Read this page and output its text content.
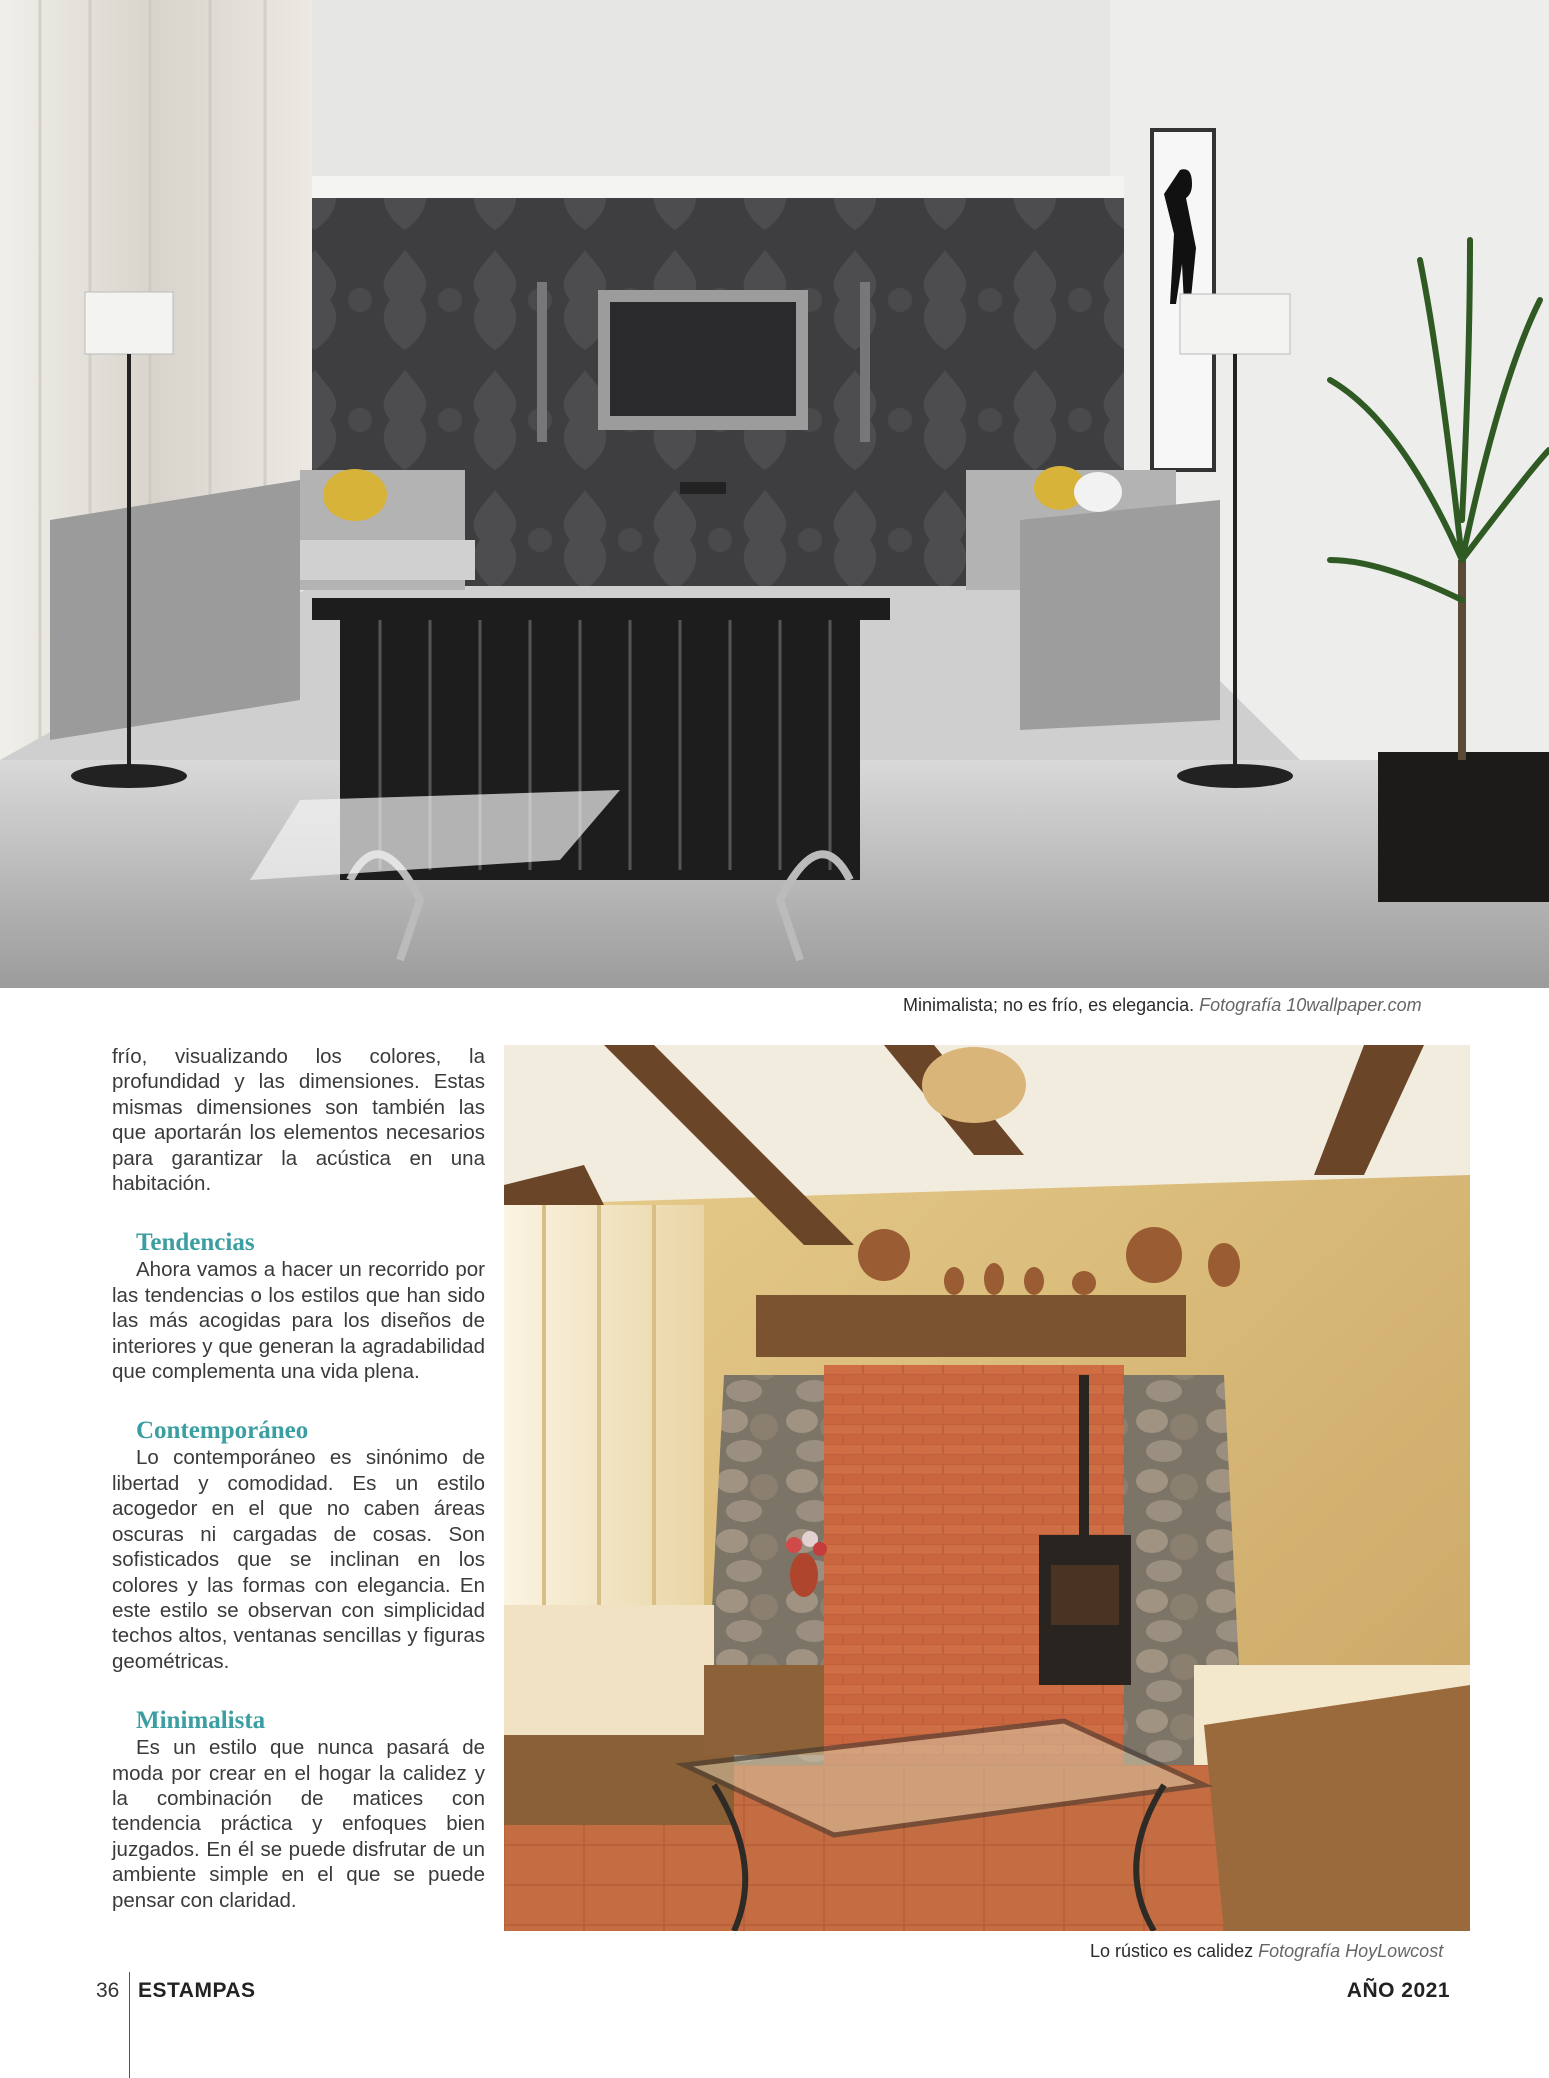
Minimalista; no es frío, es elegancia. Fotografía 10wallpaper.com

frío, visualizando los colores, la profundidad y las dimensiones. Estas mismas dimensiones son también las que aportarán los elementos necesarios para garantizar la acústica en una habitación.

Tendencias

Ahora vamos a hacer un recorrido por las tendencias o los estilos que han sido las más acogidas para los diseños de interiores y que generan la agradabilidad que complementa una vida plena.

Contemporáneo

Lo contemporáneo es sinónimo de libertad y comodidad. Es un estilo acogedor en el que no caben áreas oscuras ni cargadas de cosas. Son sofisticados que se inclinan en los colores y las formas con elegancia. En este estilo se observan con simplicidad techos altos, ventanas sencillas y figuras geométricas.

Minimalista

Es un estilo que nunca pasará de moda por crear en el hogar la calidez y la combinación de matices con tendencia práctica y enfoques bien juzgados. En él se puede disfrutar de un ambiente simple en el que se puede pensar con claridad.

Lo rústico es calidez Fotografía HoyLowcost
36 ESTAMPAS	AÑO 2021
